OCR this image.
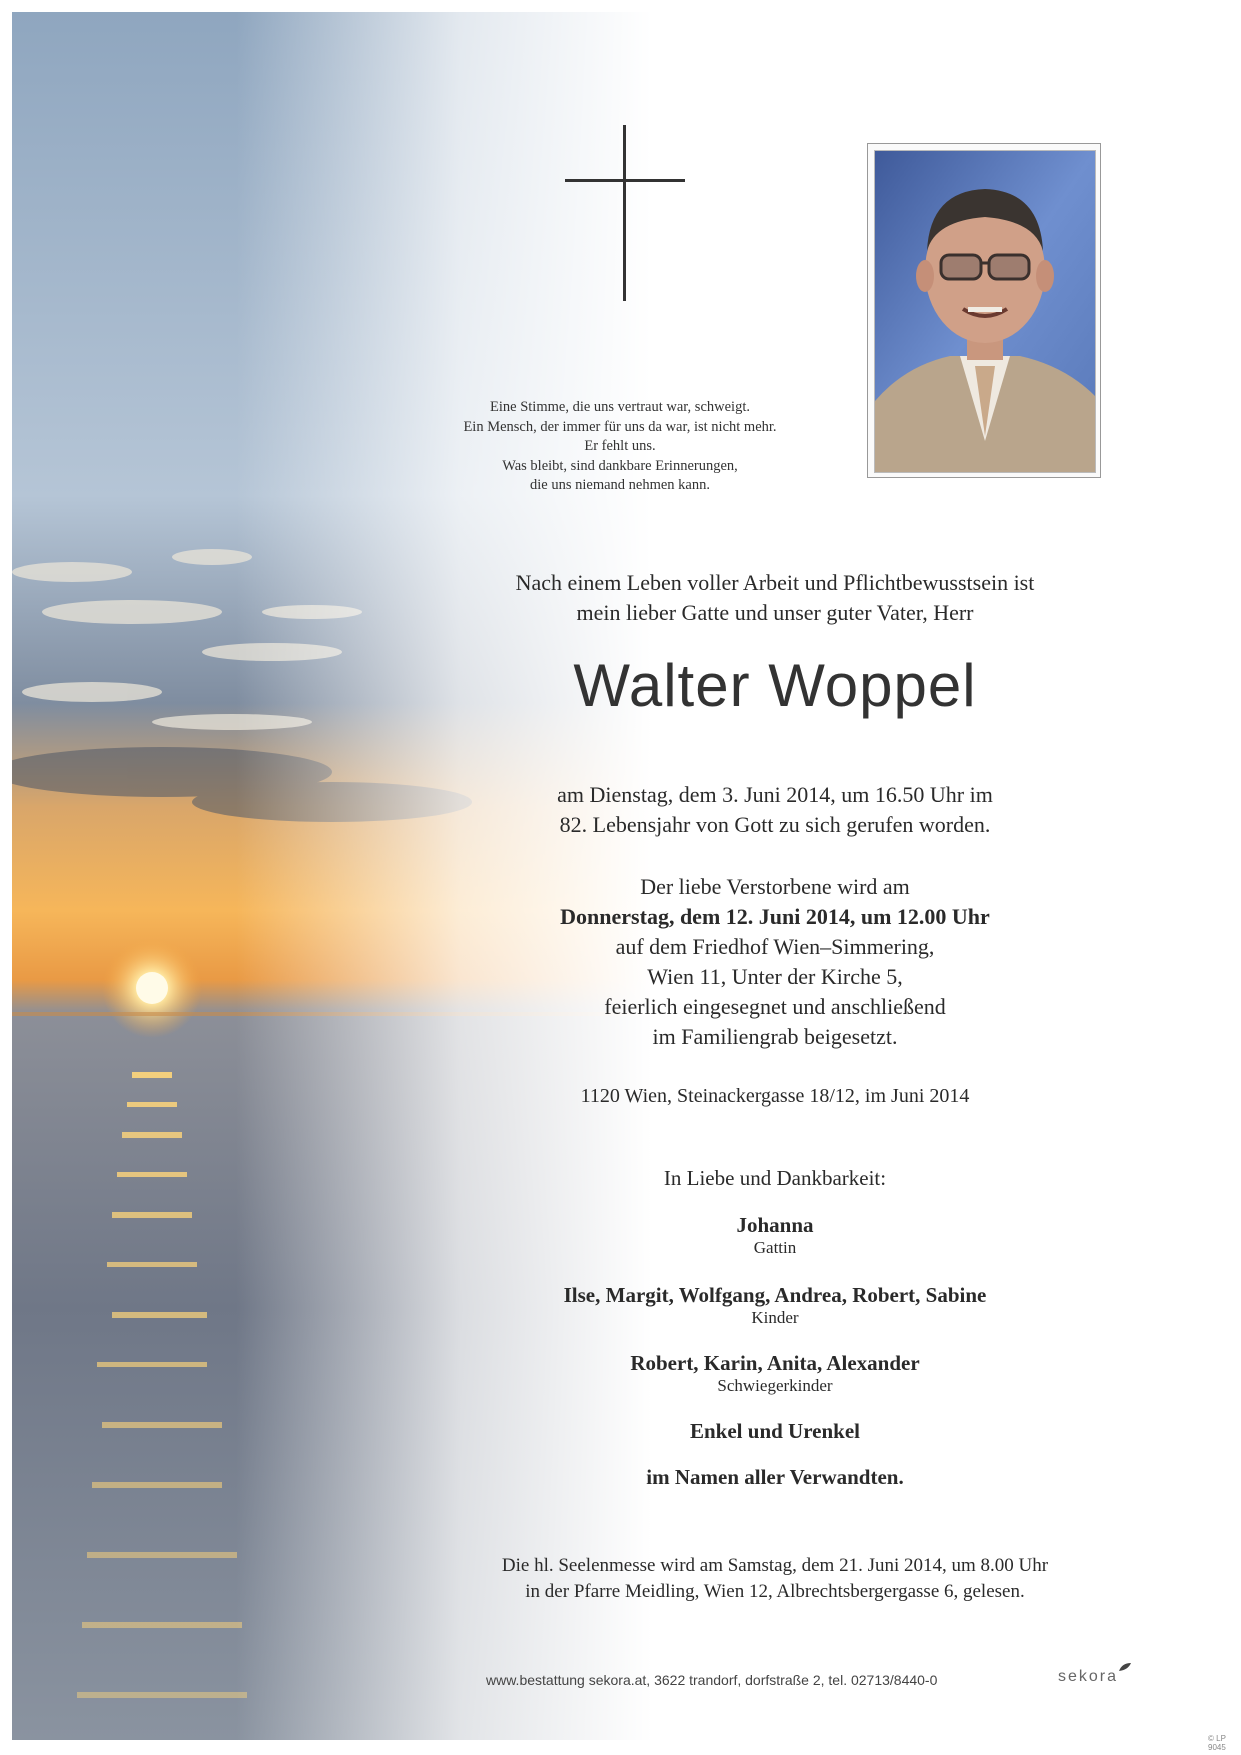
Eine Stimme, die uns vertraut war, schweigt.
Ein Mensch, der immer für uns da war, ist nicht mehr.
Er fehlt uns.
Was bleibt, sind dankbare Erinnerungen,
die uns niemand nehmen kann.
Nach einem Leben voller Arbeit und Pflichtbewusstsein ist
mein lieber Gatte und unser guter Vater, Herr
Walter Woppel
am Dienstag, dem 3. Juni 2014, um 16.50 Uhr im
82. Lebensjahr von Gott zu sich gerufen worden.
Der liebe Verstorbene wird am
Donnerstag, dem 12. Juni 2014, um 12.00 Uhr
auf dem Friedhof Wien–Simmering,
Wien 11, Unter der Kirche 5,
feierlich eingesegnet und anschließend
im Familiengrab beigesetzt.
1120 Wien, Steinackergasse 18/12, im Juni 2014
In Liebe und Dankbarkeit:
Johanna
Gattin
Ilse, Margit, Wolfgang, Andrea, Robert, Sabine
Kinder
Robert, Karin, Anita, Alexander
Schwiegerkinder
Enkel und Urenkel
im Namen aller Verwandten.
Die hl. Seelenmesse wird am Samstag, dem 21. Juni 2014, um 8.00 Uhr
in der Pfarre Meidling, Wien 12, Albrechtsbergergasse 6, gelesen.
www.bestattung sekora.at, 3622 trandorf, dorfstraße 2, tel. 02713/8440-0	sekora
© LP 9045
